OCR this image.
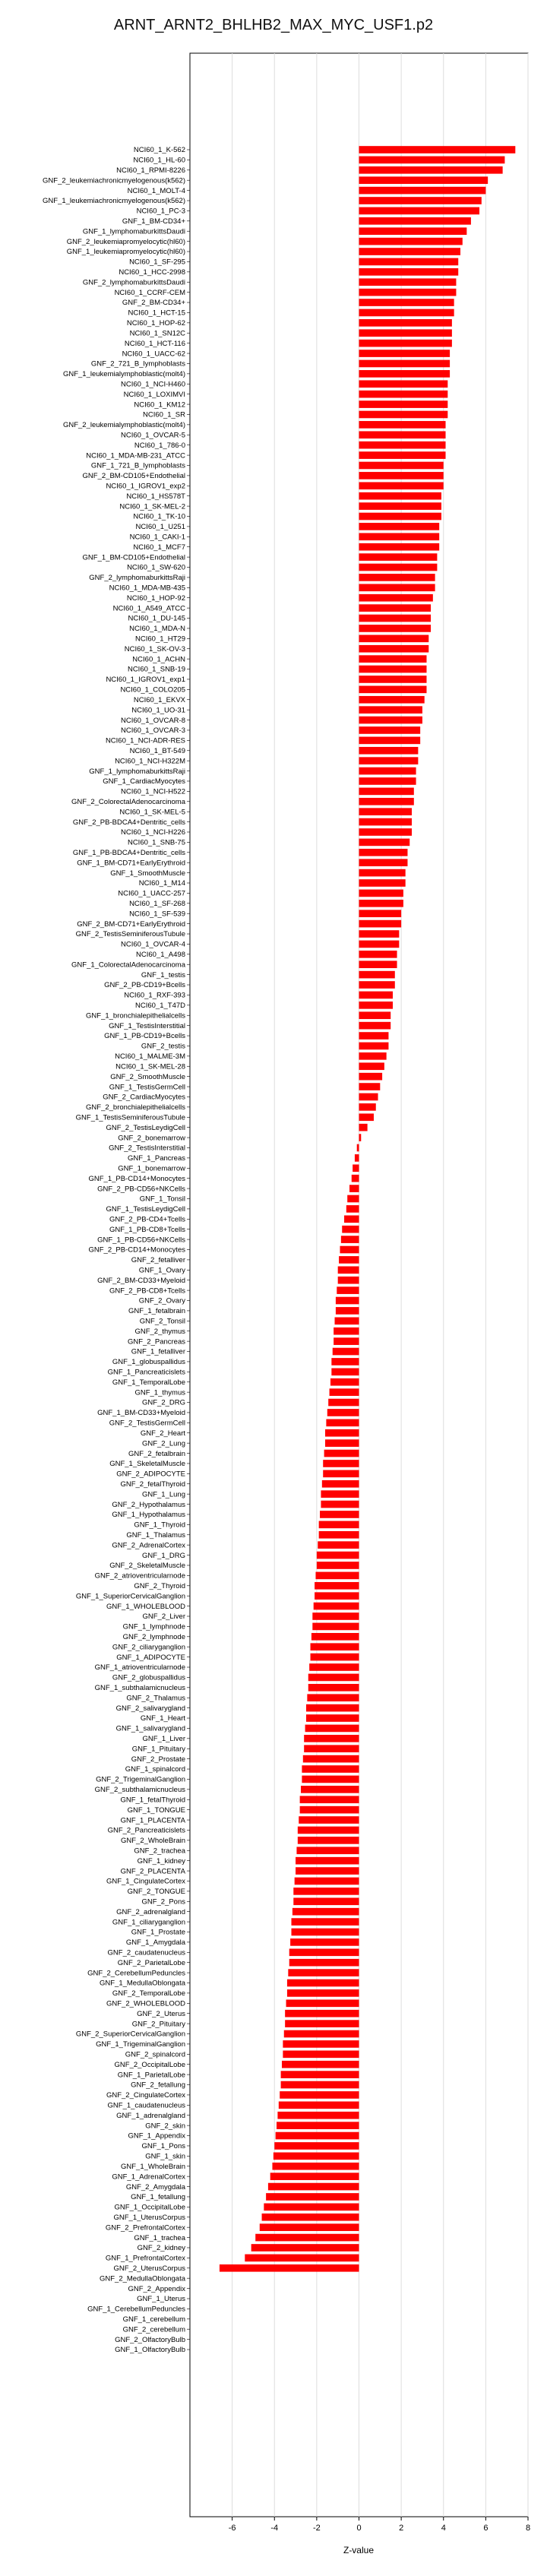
ARNT_ARNT2_BHLHB2_MAX_MYC_USF1.p2
NCI60_1_K-562
NCI60_1_HL-60
NCI60_1_RPMI-8226
GNF_2_leukemiachronicmyelogenous(k562)
NCI60_1_MOLT-4
GNF_1_leukemiachronicmyelogenous(k562)
NCI60_1_PC-3
GNF_1_BM-CD34+
GNF_1_lymphomaburkittsDaudi
GNF_2_leukemiapromyelocytic(hl60)
GNF_1_leukemiapromyelocytic(hl60)
NCI60_1_SF-295
NCI60_1_HCC-2998
GNF_2_lymphomaburkittsDaudi
NCI60_1_CCRF-CEM
GNF_2_BM-CD34+
NCI60_1_HCT-15
NCI60_1_HOP-62
NCI60_1_SN12C
NCI60_1_HCT-116
NCI60_1_UACC-62
GNF_2_721_B_lymphoblasts
GNF_1_leukemialymphoblastic(molt4)
NCI60_1_NCI-H460
NCI60_1_LOXIMVI
NCI60_1_KM12
NCI60_1_SR
GNF_2_leukemialymphoblastic(molt4)
NCI60_1_OVCAR-5
NCI60_1_786-0
NCI60_1_MDA-MB-231_ATCC
GNF_1_721_B_lymphoblasts
GNF_2_BM-CD105+Endothelial
NCI60_1_IGROV1_exp2
NCI60_1_HS578T
NCI60_1_SK-MEL-2
NCI60_1_TK-10
NCI60_1_U251
NCI60_1_CAKI-1
NCI60_1_MCF7
GNF_1_BM-CD105+Endothelial
NCI60_1_SW-620
GNF_2_lymphomaburkittsRaji
NCI60_1_MDA-MB-435
NCI60_1_HOP-92
NCI60_1_A549_ATCC
NCI60_1_DU-145
NCI60_1_MDA-N
NCI60_1_HT29
NCI60_1_SK-OV-3
NCI60_1_ACHN
NCI60_1_SNB-19
NCI60_1_IGROV1_exp1
NCI60_1_COLO205
NCI60_1_EKVX
NCI60_1_UO-31
NCI60_1_OVCAR-8
NCI60_1_OVCAR-3
NCI60_1_NCI-ADR-RES
NCI60_1_BT-549
NCI60_1_NCI-H322M
GNF_1_lymphomaburkittsRaji
GNF_1_CardiacMyocytes
NCI60_1_NCI-H522
GNF_2_ColorectalAdenocarcinoma
NCI60_1_SK-MEL-5
GNF_2_PB-BDCA4+Dentritic_cells
NCI60_1_NCI-H226
NCI60_1_SNB-75
GNF_1_PB-BDCA4+Dentritic_cells
GNF_1_BM-CD71+EarlyErythroid
GNF_1_SmoothMuscle
NCI60_1_M14
NCI60_1_UACC-257
NCI60_1_SF-268
NCI60_1_SF-539
GNF_2_BM-CD71+EarlyErythroid
GNF_2_TestisSeminiferousTubule
NCI60_1_OVCAR-4
NCI60_1_A498
GNF_1_ColorectalAdenocarcinoma
GNF_1_testis
GNF_2_PB-CD19+Bcells
NCI60_1_RXF-393
NCI60_1_T47D
GNF_1_bronchialepithelialcells
GNF_1_TestisInterstitial
GNF_1_PB-CD19+Bcells
GNF_2_testis
NCI60_1_MALME-3M
NCI60_1_SK-MEL-28
GNF_2_SmoothMuscle
GNF_1_TestisGermCell
GNF_2_CardiacMyocytes
GNF_2_bronchialepithelialcells
GNF_1_TestisSeminiferousTubule
GNF_2_TestisLeydigCell
GNF_2_bonemarrow
GNF_2_TestisInterstitial
GNF_1_Pancreas
GNF_1_bonemarrow
GNF_1_PB-CD14+Monocytes
GNF_2_PB-CD56+NKCells
GNF_1_Tonsil
GNF_1_TestisLeydigCell
GNF_2_PB-CD4+Tcells
GNF_1_PB-CD8+Tcells
GNF_1_PB-CD56+NKCells
GNF_2_PB-CD14+Monocytes
GNF_2_fetalliver
GNF_1_Ovary
GNF_2_BM-CD33+Myeloid
GNF_2_PB-CD8+Tcells
GNF_2_Ovary
GNF_1_fetalbrain
GNF_2_Tonsil
GNF_2_thymus
GNF_2_Pancreas
GNF_1_fetalliver
GNF_1_globuspallidus
GNF_1_Pancreaticislets
GNF_1_TemporalLobe
GNF_1_thymus
GNF_2_DRG
GNF_1_BM-CD33+Myeloid
GNF_2_TestisGermCell
GNF_2_Heart
GNF_2_Lung
GNF_2_fetalbrain
GNF_1_SkeletalMuscle
GNF_2_ADIPOCYTE
GNF_2_fetalThyroid
GNF_1_Lung
GNF_2_Hypothalamus
GNF_1_Hypothalamus
GNF_1_Thyroid
GNF_1_Thalamus
GNF_2_AdrenalCortex
GNF_1_DRG
GNF_2_SkeletalMuscle
GNF_2_atrioventricularnode
GNF_2_Thyroid
GNF_1_SuperiorCervicalGanglion
GNF_1_WHOLEBLOOD
GNF_2_Liver
GNF_1_lymphnode
GNF_2_lymphnode
GNF_2_ciliaryganglion
GNF_1_ADIPOCYTE
GNF_1_atrioventricularnode
GNF_2_globuspallidus
GNF_1_subthalamicnucleus
GNF_2_Thalamus
GNF_2_salivarygland
GNF_1_Heart
GNF_1_salivarygland
GNF_1_Liver
GNF_1_Pituitary
GNF_2_Prostate
GNF_1_spinalcord
GNF_2_TrigeminalGanglion
GNF_2_subthalamicnucleus
GNF_1_fetalThyroid
GNF_1_TONGUE
GNF_1_PLACENTA
GNF_2_Pancreaticislets
GNF_2_WholeBrain
GNF_2_trachea
GNF_1_kidney
GNF_2_PLACENTA
GNF_1_CingulateCortex
GNF_2_TONGUE
GNF_2_Pons
GNF_2_adrenalgland
GNF_1_ciliaryganglion
GNF_1_Prostate
GNF_1_Amygdala
GNF_2_caudatenucleus
GNF_2_ParietalLobe
GNF_2_CerebellumPeduncles
GNF_1_MedullaOblongata
GNF_2_TemporalLobe
GNF_2_WHOLEBLOOD
GNF_2_Uterus
GNF_2_Pituitary
GNF_2_SuperiorCervicalGanglion
GNF_1_TrigeminalGanglion
GNF_2_spinalcord
GNF_2_OccipitalLobe
GNF_1_ParietalLobe
GNF_2_fetallung
GNF_2_CingulateCortex
GNF_1_caudatenucleus
GNF_1_adrenalgland
GNF_2_skin
GNF_1_Appendix
GNF_1_Pons
GNF_1_skin
GNF_1_WholeBrain
GNF_1_AdrenalCortex
GNF_2_Amygdala
GNF_1_fetallung
GNF_1_OccipitalLobe
GNF_1_UterusCorpus
GNF_2_PrefrontalCortex
GNF_1_trachea
GNF_2_kidney
GNF_1_PrefrontalCortex
GNF_2_UterusCorpus
GNF_2_MedullaOblongata
GNF_2_Appendix
GNF_1_Uterus
GNF_1_CerebellumPeduncles
GNF_1_cerebellum
GNF_2_cerebellum
GNF_2_OlfactoryBulb
GNF_1_OlfactoryBulb
-6	-4	-2	0	2	4	6	8
Z-value
